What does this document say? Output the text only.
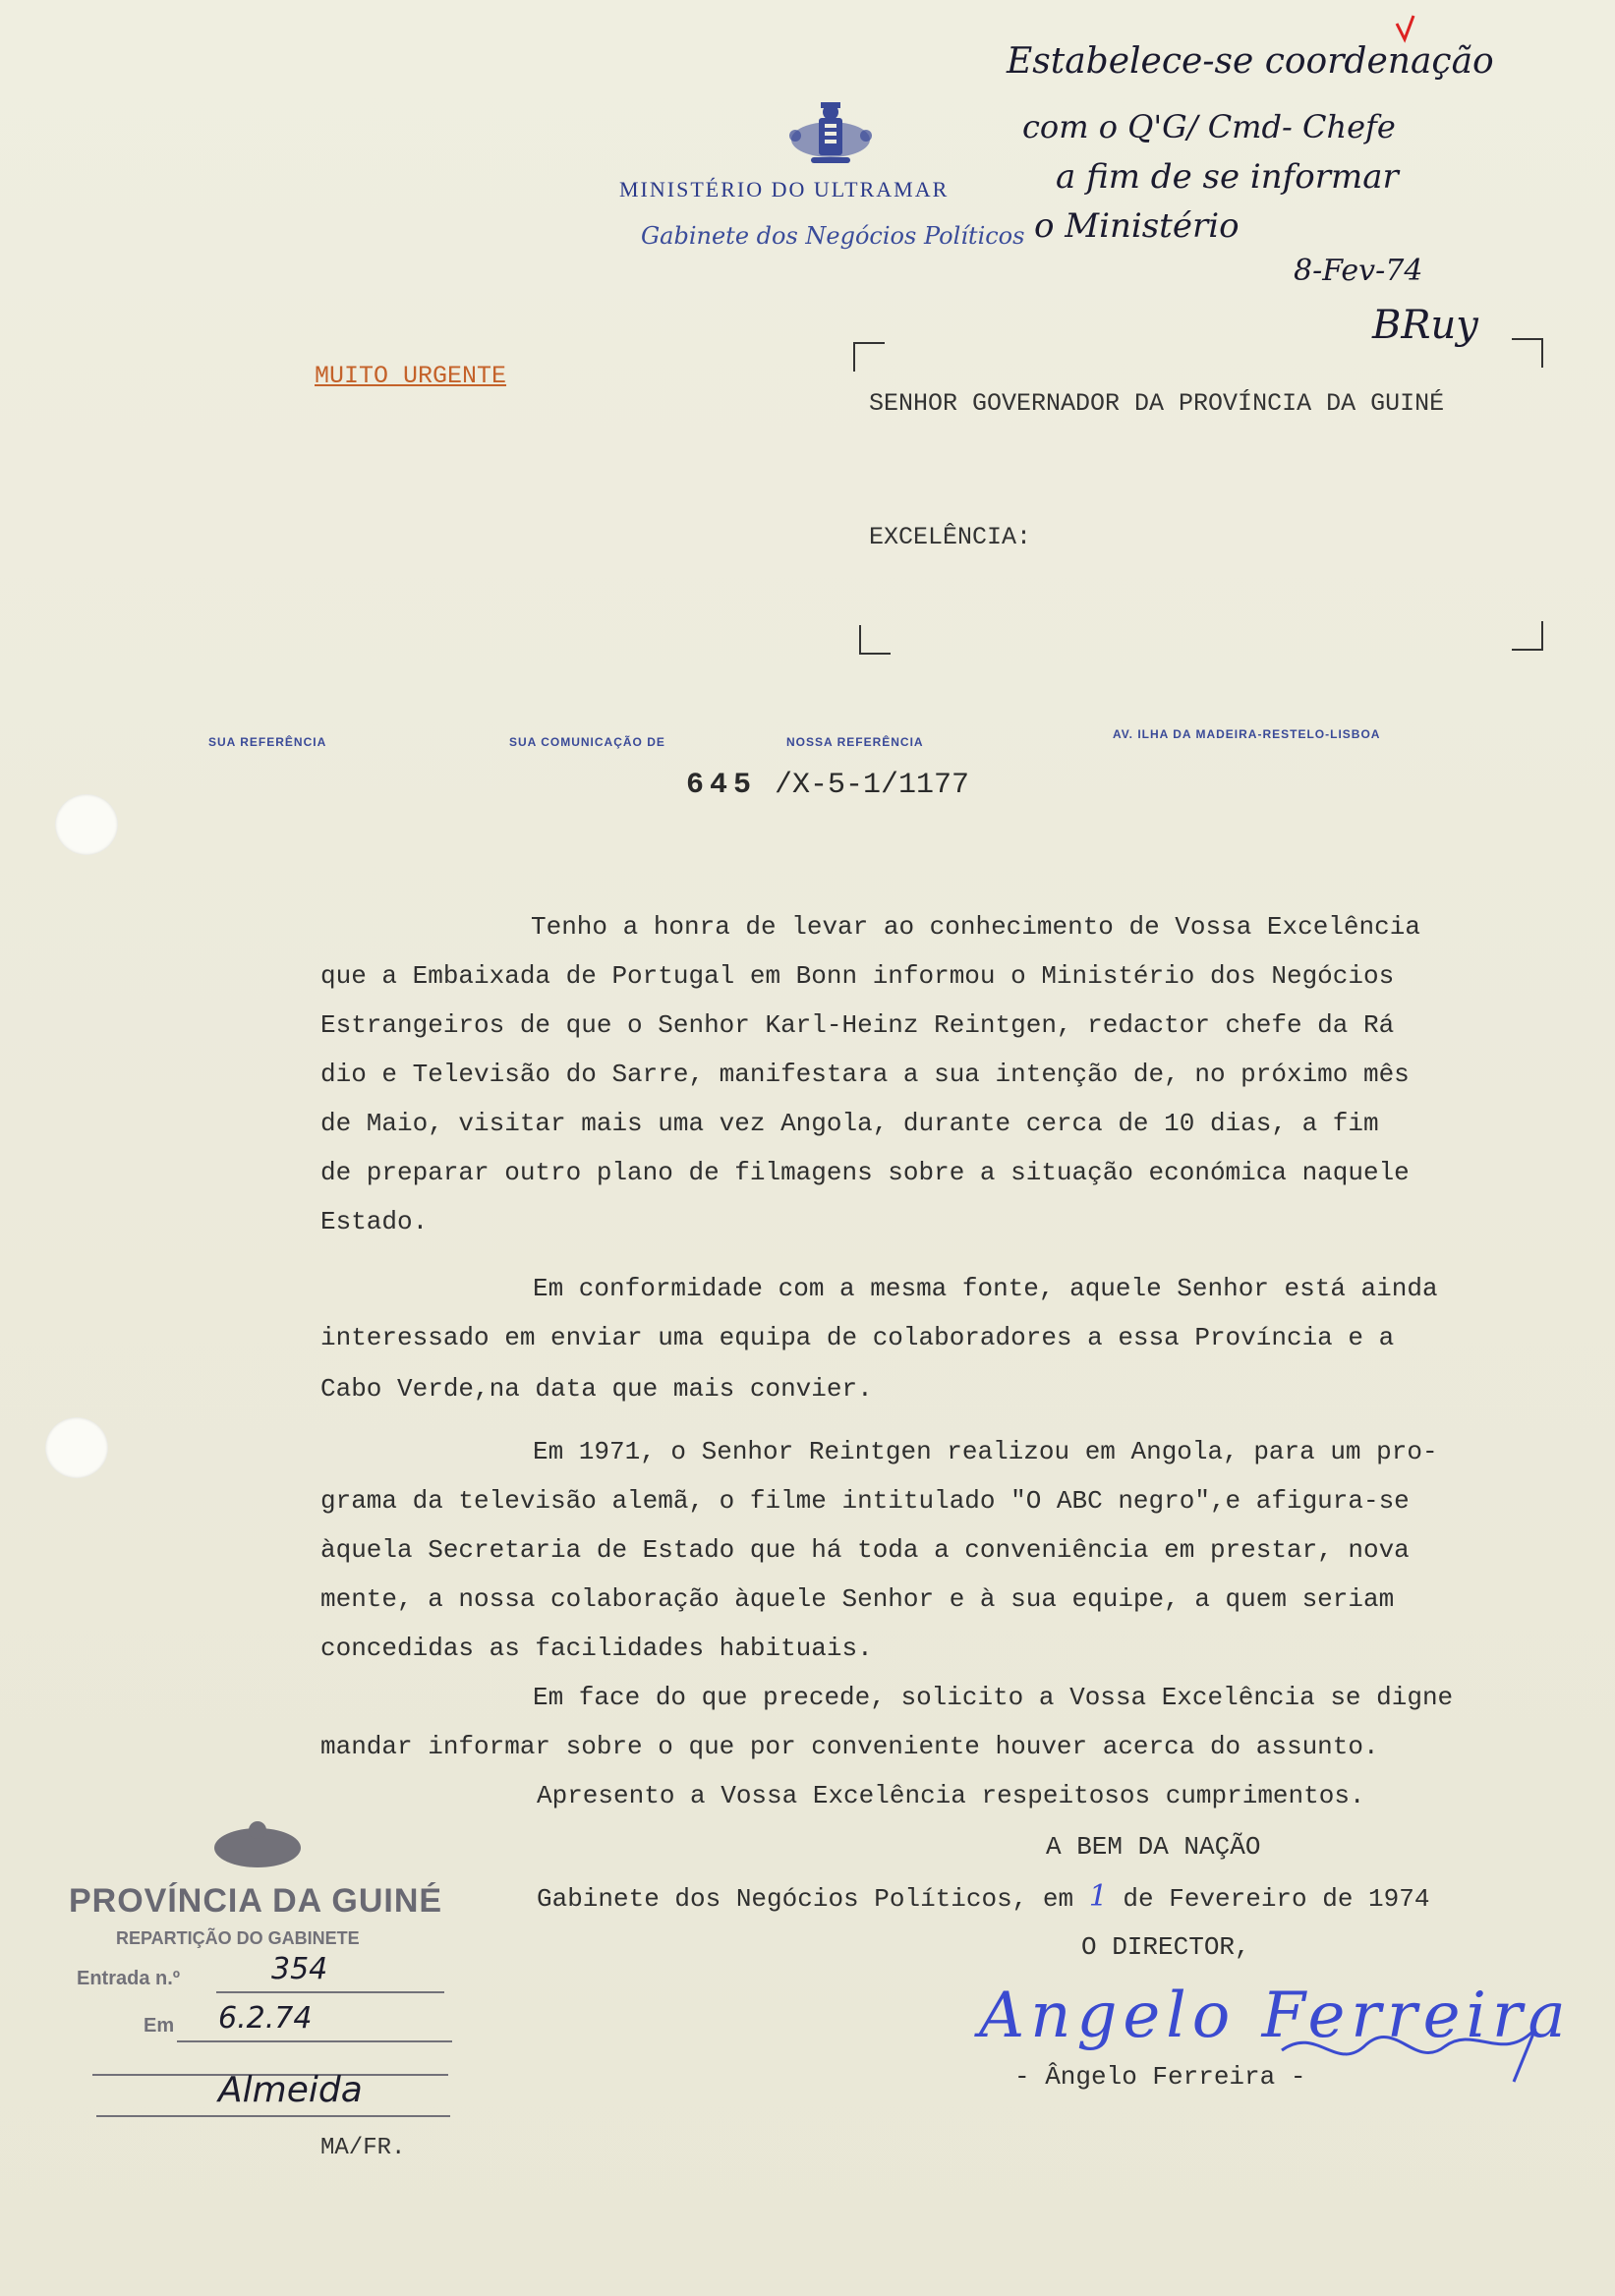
MINISTÉRIO DO ULTRAMAR
Gabinete dos Negócios Políticos
Estabelece-se coordenação
com o Q'G/ Cmd- Chefe
a fim de se informar
o Ministério
8-Fev-74
BRuy
MUITO URGENTE
SENHOR GOVERNADOR DA PROVÍNCIA DA GUINÉ
EXCELÊNCIA:
SUA REFERÊNCIA	SUA COMUNICAÇÃO DE	NOSSA REFERÊNCIA
AV. ILHA DA MADEIRA-RESTELO-LISBOA
645 /X-5-1/1177
Tenho a honra de levar ao conhecimento de Vossa Excelência
que a Embaixada de Portugal em Bonn informou o Ministério dos Negócios
Estrangeiros de que o Senhor Karl-Heinz Reintgen, redactor chefe da Rá
dio e Televisão do Sarre, manifestara a sua intenção de, no próximo mês
de Maio, visitar mais uma vez Angola, durante cerca de 10 dias, a fim
de preparar outro plano de filmagens sobre a situação económica naquele
Estado.
Em conformidade com a mesma fonte, aquele Senhor está ainda
interessado em enviar uma equipa de colaboradores a essa Província e a
Cabo Verde,na data que mais convier.
Em 1971, o Senhor Reintgen realizou em Angola, para um pro-
grama da televisão alemã, o filme intitulado "O ABC negro",e afigura-se
àquela Secretaria de Estado que há toda a conveniência em prestar, nova
mente, a nossa colaboração àquele Senhor e à sua equipe, a quem seriam
concedidas as facilidades habituais.
Em face do que precede, solicito a Vossa Excelência se digne
mandar informar sobre o que por conveniente houver acerca do assunto.
Apresento a Vossa Excelência respeitosos cumprimentos.
A BEM DA NAÇÃO
Gabinete dos Negócios Políticos, em 1 de Fevereiro de 1974
O DIRECTOR,
Angelo Ferreira
- Ângelo Ferreira -
PROVÍNCIA DA GUINÉ
REPARTIÇÃO DO GABINETE
Entrada n.º	354
Em 6.2.74
Almeida
MA/FR.
